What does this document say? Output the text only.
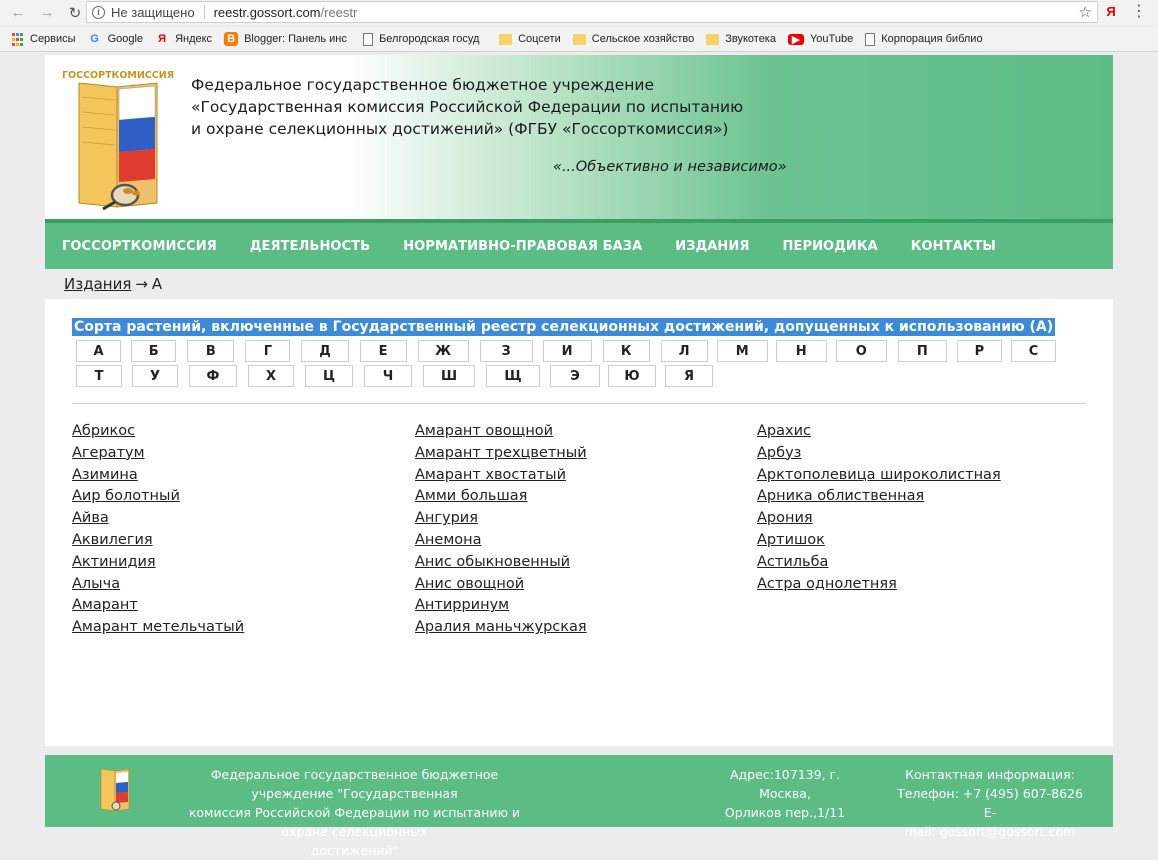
← → ↻	i Не защищено reestr.gossort.com/reestr	☆ Я ⋮
Сервисы G Google Я Яндекс B Blogger: Панель инс	Белгородская госуд	Соцсети	Сельское хозяйство	Звукотека	▶ YouTube	Корпорация библио
ГОССОРТКОМИССИЯ
Федеральное государственное бюджетное учреждение
«Государственная комиссия Российской Федерации по испытанию
и охране селекционных достижений» (ФГБУ «Госсорткомиссия»)
«...Объективно и независимо»
ГОССОРТКОМИССИЯ	ДЕЯТЕЛЬНОСТЬ	НОРМАТИВНО-ПРАВОВАЯ БАЗА	ИЗДАНИЯ	ПЕРИОДИКА	КОНТАКТЫ
Издания → А
Сорта растений, включенные в Государственный реестр селекционных достижений, допущенных к использованию (А)
А	Б	В	Г	Д	Е	Ж	З	И	К	Л	М	Н	О	П	Р	С
Т	У	Ф	Х	Ц	Ч	Ш	Щ	Э	Ю	Я
Абрикос
Агератум
Азимина
Аир болотный
Айва
Аквилегия
Актинидия
Алыча
Амарант
Амарант метельчатый
Амарант овощной
Амарант трехцветный
Амарант хвостатый
Амми большая
Ангурия
Анемона
Анис обыкновенный
Анис овощной
Антирринум
Аралия маньчжурская
Арахис
Арбуз
Арктополевица широколистная
Арника облиственная
Арония
Артишок
Астильба
Астра однолетняя
Федеральное государственное бюджетное учреждение "Государственная
комиссия Российской Федерации по испытанию и охране селекционных
достижений"
Адрес:107139, г. Москва,
Орликов пер.,1/11
Контактная информация:
Телефон: +7 (495) 607-8626 E-
mail: gossort@gossort.com
